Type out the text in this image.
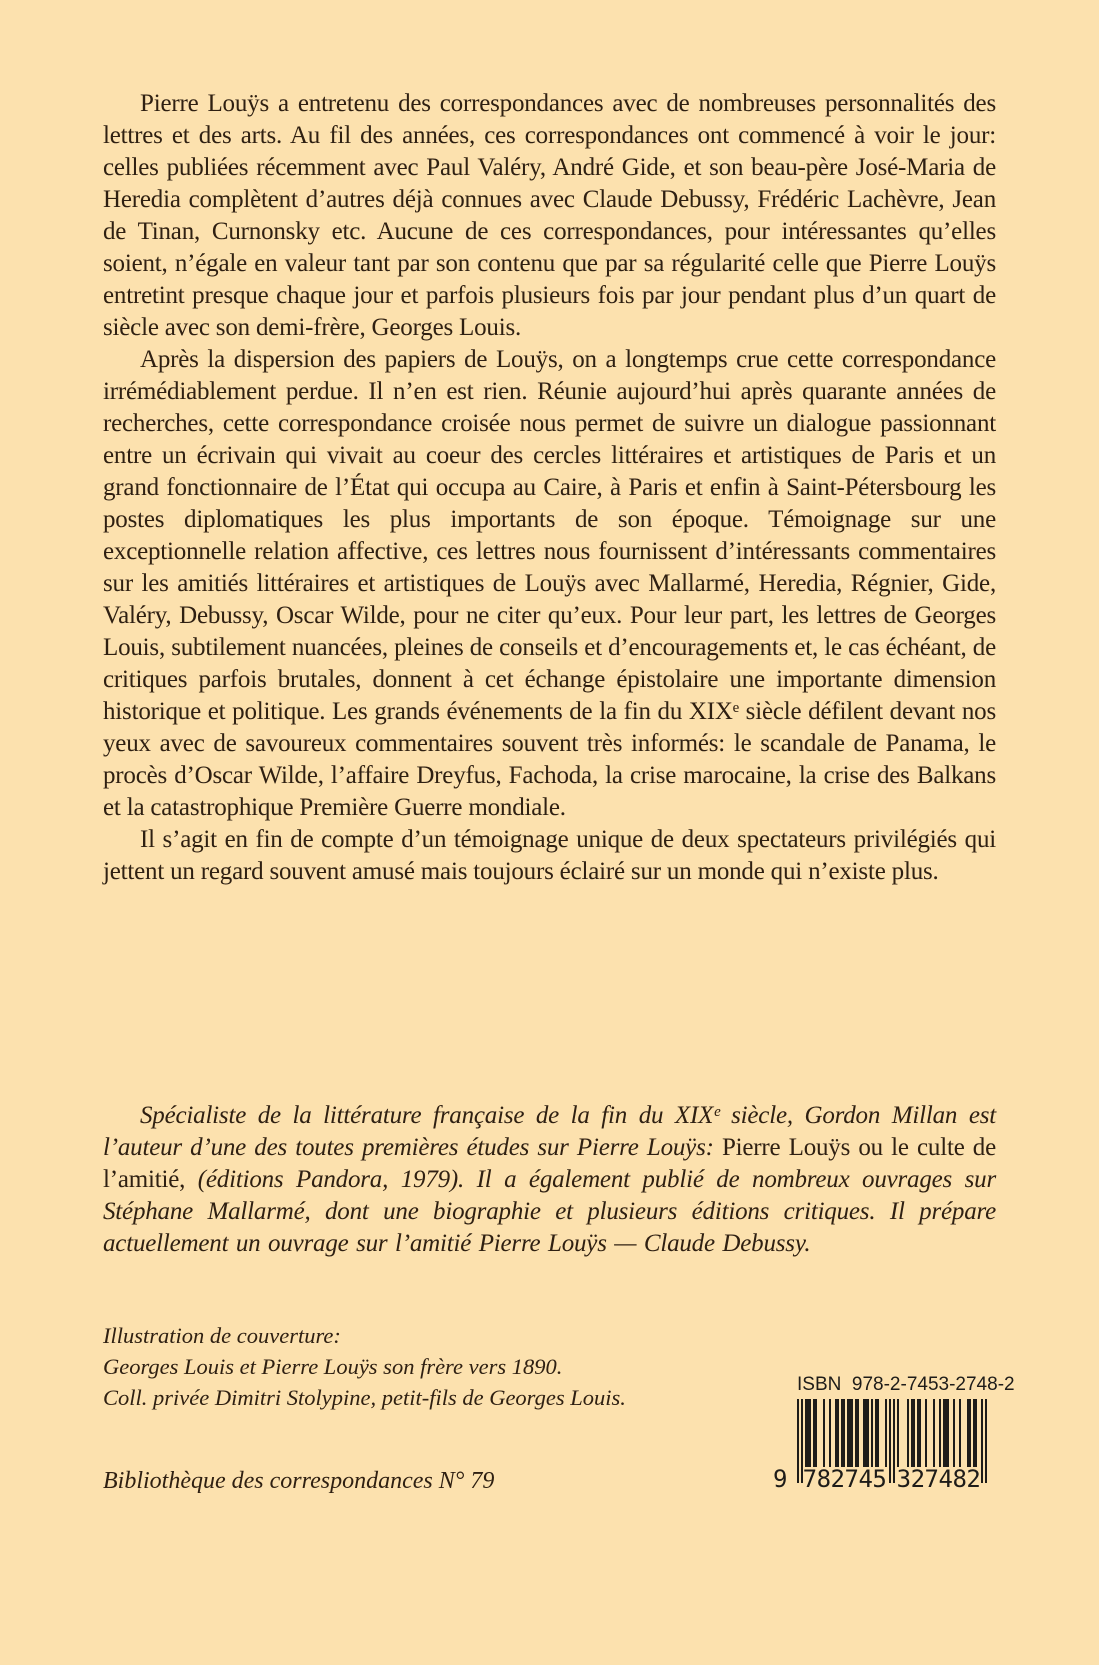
Pierre Louÿs a entretenu des correspondances avec de nombreuses personnalités des lettres et des arts. Au fil des années, ces correspondances ont commencé à voir le jour: celles publiées récemment avec Paul Valéry, André Gide, et son beau-père José-Maria de Heredia complètent d’autres déjà connues avec Claude Debussy, Frédéric Lachèvre, Jean de Tinan, Curnonsky etc. Aucune de ces correspondances, pour intéressantes qu’elles soient, n’égale en valeur tant par son contenu que par sa régularité celle que Pierre Louÿs entretint presque chaque jour et parfois plusieurs fois par jour pendant plus d’un quart de siècle avec son demi-frère, Georges Louis.

Après la dispersion des papiers de Louÿs, on a longtemps crue cette correspondance irrémédiablement perdue. Il n’en est rien. Réunie aujourd’hui après quarante années de recherches, cette correspondance croisée nous permet de suivre un dialogue passionnant entre un écrivain qui vivait au coeur des cercles littéraires et artistiques de Paris et un grand fonctionnaire de l’État qui occupa au Caire, à Paris et enfin à Saint-Pétersbourg les postes diplomatiques les plus importants de son époque. Témoignage sur une exceptionnelle relation affective, ces lettres nous fournissent d’intéressants commentaires sur les amitiés littéraires et artistiques de Louÿs avec Mallarmé, Heredia, Régnier, Gide, Valéry, Debussy, Oscar Wilde, pour ne citer qu’eux. Pour leur part, les lettres de Georges Louis, subtilement nuancées, pleines de conseils et d’encouragements et, le cas échéant, de critiques parfois brutales, donnent à cet échange épistolaire une importante dimension historique et politique. Les grands événements de la fin du XIXᵉ siècle défilent devant nos yeux avec de savoureux commentaires souvent très informés: le scandale de Panama, le procès d’Oscar Wilde, l’affaire Dreyfus, Fachoda, la crise marocaine, la crise des Balkans et la catastrophique Première Guerre mondiale.

Il s’agit en fin de compte d’un témoignage unique de deux spectateurs privilégiés qui jettent un regard souvent amusé mais toujours éclairé sur un monde qui n’existe plus.

Spécialiste de la littérature française de la fin du XIXᵉ siècle, Gordon Millan est l’auteur d’une des toutes premières études sur Pierre Louÿs: Pierre Louÿs ou le culte de l’amitié, (éditions Pandora, 1979). Il a également publié de nombreux ouvrages sur Stéphane Mallarmé, dont une biographie et plusieurs éditions critiques. Il prépare actuellement un ouvrage sur l’amitié Pierre Louÿs — Claude Debussy.

Illustration de couverture:
Georges Louis et Pierre Louÿs son frère vers 1890.
Coll. privée Dimitri Stolypine, petit-fils de Georges Louis.
Bibliothèque des correspondances N° 79
ISBN  978-2-7453-2748-2
9 782745 327482
